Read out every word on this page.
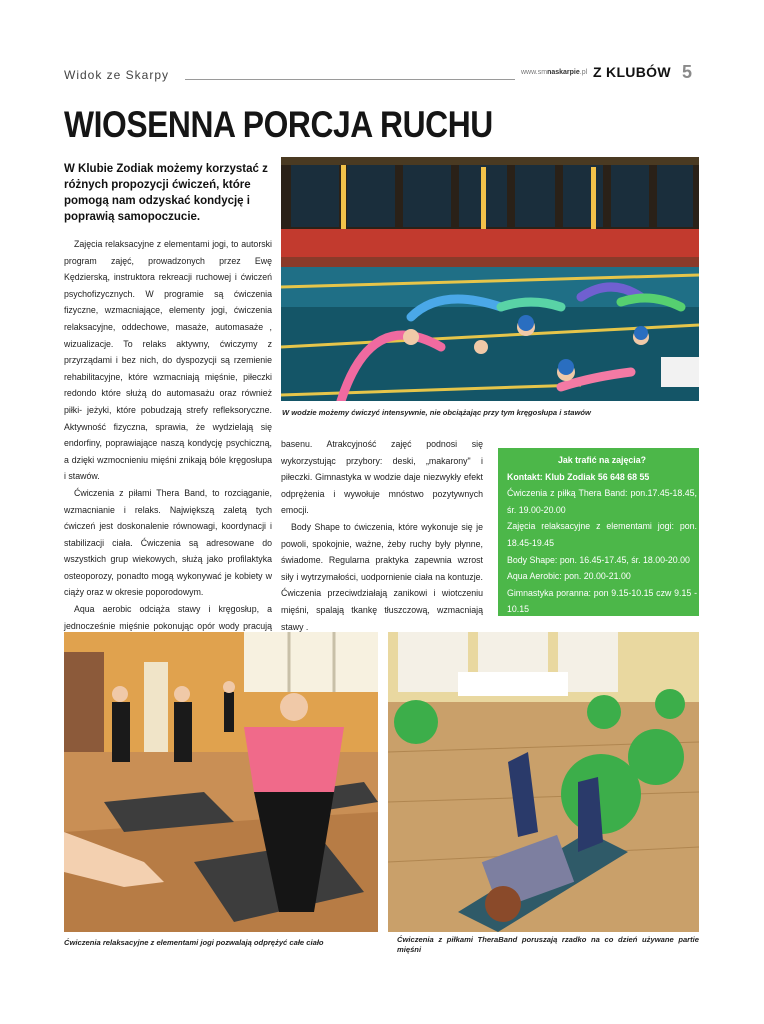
Widok ze Skarpy	www.smnaskarpie.pl Z KLUBÓW 5
WIOSENNA PORCJA RUCHU
W Klubie Zodiak możemy korzystać z różnych propozycji ćwiczeń, które pomogą nam odzyskać kondycję i poprawią samopoczucie.
W wodzie możemy ćwiczyć intensywnie, nie obciążając przy tym kręgosłupa i stawów

Zajęcia relaksacyjne z elementami jogi, to autorski program zajęć, prowadzonych przez Ewę Kędzierską, instruktora rekreacji ruchowej i ćwiczeń psychofizycznych. W programie są ćwiczenia fizyczne, wzmacniające, elementy jogi, ćwiczenia relaksacyjne, oddechowe, masaże, automasaże , wizualizacje. To relaks aktywny, ćwiczymy z przyrządami i bez nich, do dyspozycji są rzemienie rehabilitacyjne, które wzmacniają mięśnie, piłeczki redondo które służą do automasażu oraz również piłki- jeżyki, które pobudzają strefy refleksoryczne. Aktywność fizyczna, sprawia, że wydzielają się endorfiny, poprawiające naszą kondycję psychiczną, a dzięki wzmocnieniu mięśni znikają bóle kręgosłupa i stawów.

Ćwiczenia z piłami Thera Band, to rozciąganie, wzmacnianie i relaks. Największą zaletą tych ćwiczeń jest doskonalenie równowagi, koordynacji i stabilizacji ciała. Ćwiczenia są adresowane do wszystkich grup wiekowych, służą jako profilaktyka osteoporozy, ponadto mogą wykonywać je kobiety w ciąży oraz w okresie poporodowym.

Aqua aerobic odciąża stawy i kręgosłup, a jednocześnie mięśnie pokonując opór wody pracują

basenu. Atrakcyjność zajęć podnosi się wykorzystując przybory: deski, „makarony" i piłeczki. Gimnastyka w wodzie daje niezwykły efekt odprężenia i wywołuje mnóstwo pozytywnych emocji.

Body Shape to ćwiczenia, które wykonuje się je powoli, spokojnie, ważne, żeby ruchy były płynne, świadome. Regularna praktyka zapewnia wzrost siły i wytrzymałości, uodpornienie ciała na kontuzje. Ćwiczenia przeciwdziałają zanikowi i wiotczeniu mięśni, spalają tkankę tłuszczową, wzmacniają stawy .

Jak trafić na zajęcia?
Kontakt: Klub Zodiak 56 648 68 55
Ćwiczenia z piłką Thera Band: pon.17.45-18.45, śr. 19.00-20.00
Zajęcia relaksacyjne z elementami jogi: pon. 18.45-19.45
Body Shape: pon. 16.45-17.45, śr. 18.00-20.00
Aqua Aerobic: pon. 20.00-21.00
Gimnastyka poranna: pon 9.15-10.15 czw 9.15 - 10.15
Ćwiczenia relaksacyjne z elementami jogi pozwalają odprężyć całe ciało	Ćwiczenia z piłkami TheraBand poruszają rzadko na co dzień używane partie mięśni
